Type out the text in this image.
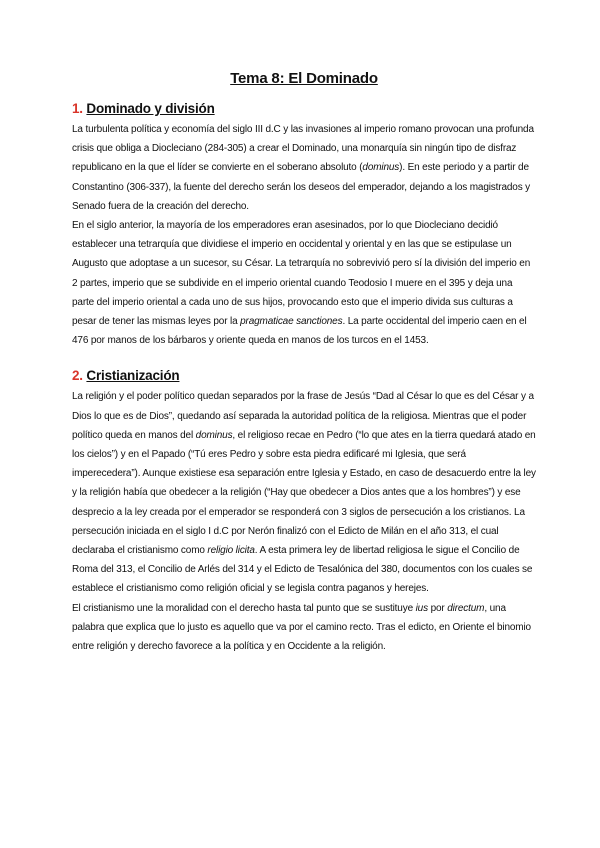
Tema 8: El Dominado
1. Dominado y división

La turbulenta política y economía del siglo III d.C y las invasiones al imperio romano provocan una profunda crisis que obliga a Diocleciano (284-305) a crear el Dominado, una monarquía sin ningún tipo de disfraz republicano en la que el líder se convierte en el soberano absoluto (dominus). En este periodo y a partir de Constantino (306-337), la fuente del derecho serán los deseos del emperador, dejando a los magistrados y Senado fuera de la creación del derecho.

En el siglo anterior, la mayoría de los emperadores eran asesinados, por lo que Diocleciano decidió establecer una tetrarquía que dividiese el imperio en occidental y oriental y en las que se estipulase un Augusto que adoptase a un sucesor, su César. La tetrarquía no sobrevivió pero sí la división del imperio en 2 partes, imperio que se subdivide en el imperio oriental cuando Teodosio I muere en el 395 y deja una parte del imperio oriental a cada uno de sus hijos, provocando esto que el imperio divida sus culturas a pesar de tener las mismas leyes por la pragmaticae sanctiones. La parte occidental del imperio caen en el 476 por manos de los bárbaros y oriente queda en manos de los turcos en el 1453.

2. Cristianización

La religión y el poder político quedan separados por la frase de Jesús “Dad al César lo que es del César y a Dios lo que es de Dios”, quedando así separada la autoridad política de la religiosa. Mientras que el poder político queda en manos del dominus, el religioso recae en Pedro (“lo que ates en la tierra quedará atado en los cielos”) y en el Papado (“Tú eres Pedro y sobre esta piedra edificaré mi Iglesia, que será imperecedera”). Aunque existiese esa separación entre Iglesia y Estado, en caso de desacuerdo entre la ley y la religión había que obedecer a la religión (“Hay que obedecer a Dios antes que a los hombres”) y ese desprecio a la ley creada por el emperador se responderá con 3 siglos de persecución a los cristianos. La persecución iniciada en el siglo I d.C por Nerón finalizó con el Edicto de Milán en el año 313, el cual declaraba el cristianismo como religio licita. A esta primera ley de libertad religiosa le sigue el Concilio de Roma del 313, el Concilio de Arlés del 314 y el Edicto de Tesalónica del 380, documentos con los cuales se establece el cristianismo como religión oficial y se legisla contra paganos y herejes.

El cristianismo une la moralidad con el derecho hasta tal punto que se sustituye ius por directum, una palabra que explica que lo justo es aquello que va por el camino recto. Tras el edicto, en Oriente el binomio entre religión y derecho favorece a la política y en Occidente a la religión.
